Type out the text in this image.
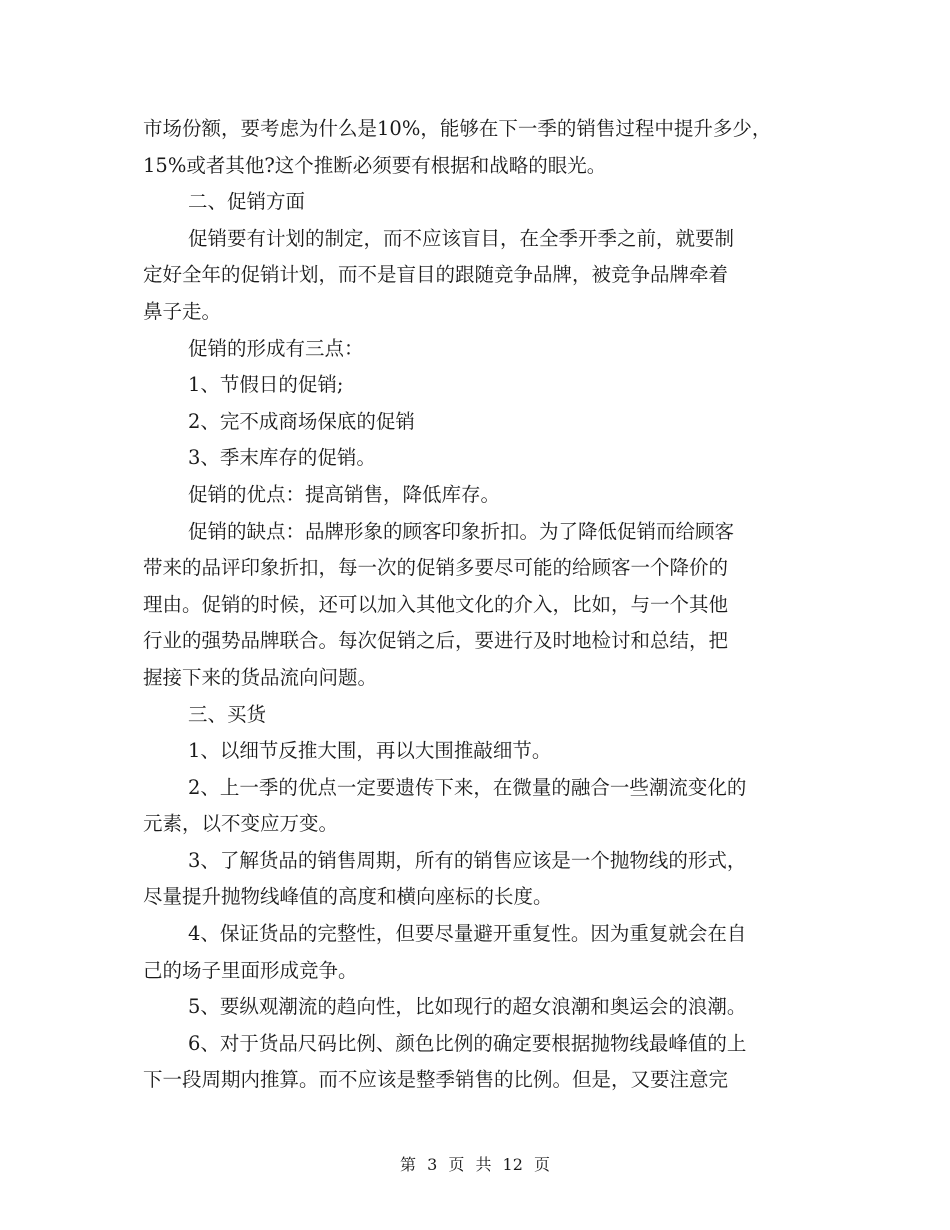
市场份额，要考虑为什么是10%，能够在下一季的销售过程中提升多少，
15%或者其他?这个推断必须要有根据和战略的眼光。
二、促销方面
促销要有计划的制定，而不应该盲目，在全季开季之前，就要制
定好全年的促销计划，而不是盲目的跟随竞争品牌，被竞争品牌牵着
鼻子走。
促销的形成有三点：
1、节假日的促销;
2、完不成商场保底的促销
3、季末库存的促销。
促销的优点：提高销售，降低库存。
促销的缺点：品牌形象的顾客印象折扣。为了降低促销而给顾客
带来的品评印象折扣，每一次的促销多要尽可能的给顾客一个降价的
理由。促销的时候，还可以加入其他文化的介入，比如，与一个其他
行业的强势品牌联合。每次促销之后，要进行及时地检讨和总结，把
握接下来的货品流向问题。
三、买货
1、以细节反推大围，再以大围推敲细节。
2、上一季的优点一定要遗传下来，在微量的融合一些潮流变化的
元素，以不变应万变。
3、了解货品的销售周期，所有的销售应该是一个抛物线的形式，
尽量提升抛物线峰值的高度和横向座标的长度。
4、保证货品的完整性，但要尽量避开重复性。因为重复就会在自
己的场子里面形成竞争。
5、要纵观潮流的趋向性，比如现行的超女浪潮和奥运会的浪潮。
6、对于货品尺码比例、颜色比例的确定要根据抛物线最峰值的上
下一段周期内推算。而不应该是整季销售的比例。但是，又要注意完
第 3 页 共 12 页
